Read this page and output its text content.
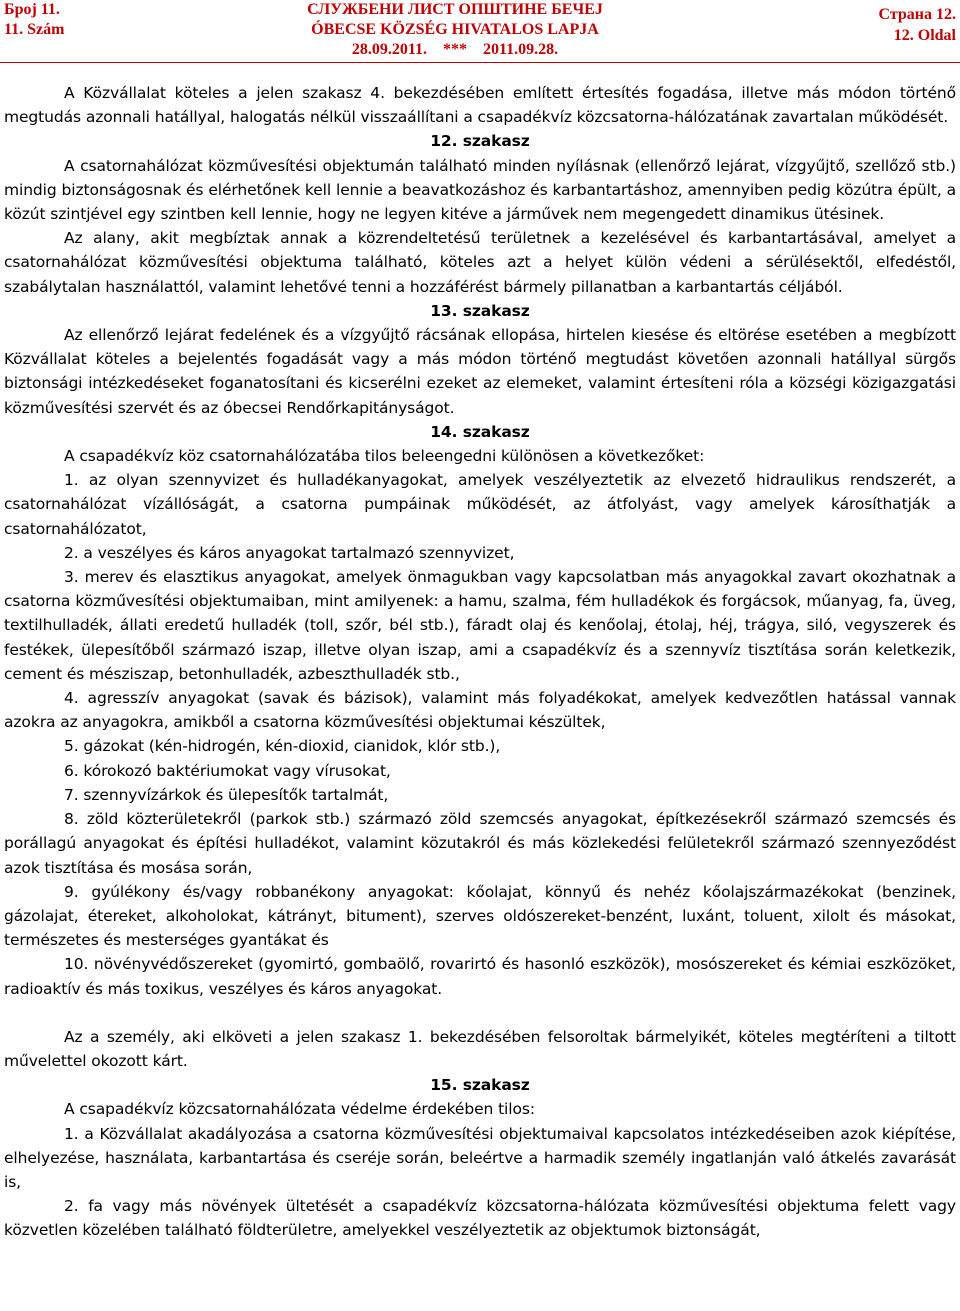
Број 11.
11. Szám
СЛУЖБЕНИ ЛИСТ ОПШТИНЕ БЕЧЕЈ
ÓBECSE KÖZSÉG HIVATALOS LAPJA
28.09.2011.    ***    2011.09.28.
Страна 12.
12. Oldal

A Közvállalat köteles a jelen szakasz 4. bekezdésében említett értesítés fogadása, illetve más módon történő megtudás azonnali hatállyal, halogatás nélkül visszaállítani a csapadékvíz közcsatorna-hálózatának zavartalan működését.

12. szakasz

A csatornahálózat közművesítési objektumán található minden nyílásnak (ellenőrző lejárat, vízgyűjtő, szellőző stb.) mindig biztonságosnak és elérhetőnek kell lennie a beavatkozáshoz és karbantartáshoz, amennyiben pedig közútra épült, a közút szintjével egy szintben kell lennie, hogy ne legyen kitéve a járművek nem megengedett dinamikus ütésinek.

Az alany, akit megbíztak annak a közrendeltetésű területnek a kezelésével és karbantartásával, amelyet a csatornahálózat közművesítési objektuma található, köteles azt a helyet külön védeni a sérülésektől, elfedéstől, szabálytalan használattól, valamint lehetővé tenni a hozzáférést bármely pillanatban a karbantartás céljából.

13. szakasz

Az ellenőrző lejárat fedelének és a vízgyűjtő rácsának ellopása, hirtelen kiesése és eltörése esetében a megbízott Közvállalat köteles a bejelentés fogadását vagy a más módon történő megtudást követően azonnali hatállyal sürgős biztonsági intézkedéseket foganatosítani és kicserélni ezeket az elemeket, valamint értesíteni róla a községi közigazgatási közművesítési szervét és az óbecsei Rendőrkapitányságot.

14. szakasz

A csapadékvíz köz csatornahálózatába tilos beleengedni különösen a következőket:

1. az olyan szennyvizet és hulladékanyagokat, amelyek veszélyeztetik az elvezető hidraulikus rendszerét, a csatornahálózat vízállóságát, a csatorna pumpáinak működését, az átfolyást, vagy amelyek károsíthatják a csatornahálózatot,

2. a veszélyes és káros anyagokat tartalmazó szennyvizet,

3. merev és elasztikus anyagokat, amelyek önmagukban vagy kapcsolatban más anyagokkal zavart okozhatnak a csatorna közművesítési objektumaiban, mint amilyenek: a hamu, szalma, fém hulladékok és forgácsok, műanyag, fa, üveg, textilhulladék, állati eredetű hulladék (toll, szőr, bél stb.), fáradt olaj és kenőolaj, étolaj, héj, trágya, siló, vegyszerek és festékek, ülepesítőből származó iszap, illetve olyan iszap, ami a csapadékvíz és a szennyvíz tisztítása során keletkezik, cement és mésziszap, betonhulladék, azbeszthulladék stb.,

4. agresszív anyagokat (savak és bázisok), valamint más folyadékokat, amelyek kedvezőtlen hatással vannak azokra az anyagokra, amikből a csatorna közművesítési objektumai készültek,

5. gázokat (kén-hidrogén, kén-dioxid, cianidok, klór stb.),

6. kórokozó baktériumokat vagy vírusokat,

7. szennyvízárkok és ülepesítők tartalmát,

8. zöld közterületekről (parkok stb.) származó zöld szemcsés anyagokat, építkezésekről származó szemcsés és porállagú anyagokat és építési hulladékot, valamint közutakról és más közlekedési felületekről származó szennyeződést azok tisztítása és mosása során,

9. gyúlékony és/vagy robbanékony anyagokat: kőolajat, könnyű és nehéz kőolajszármazékokat (benzinek, gázolajat, étereket, alkoholokat, kátrányt, bitument), szerves oldószereket-benzént, luxánt, toluent, xilolt és másokat, természetes és mesterséges gyantákat és

10. növényvédőszereket (gyomirtó, gombaölő, rovarirtó és hasonló eszközök), mosószereket és kémiai eszközöket, radioaktív és más toxikus, veszélyes és káros anyagokat.

Az a személy, aki elköveti a jelen szakasz 1. bekezdésében felsoroltak bármelyikét, köteles megtéríteni a tiltott művelettel okozott kárt.

15. szakasz

A csapadékvíz közcsatornahálózata védelme érdekében tilos:

1. a Közvállalat akadályozása a csatorna közművesítési objektumaival kapcsolatos intézkedéseiben azok kiépítése, elhelyezése, használata, karbantartása és cseréje során, beleértve a harmadik személy ingatlanján való átkelés zavarását is,

2. fa vagy más növények ültetését a csapadékvíz közcsatorna-hálózata közművesítési objektuma felett vagy közvetlen közelében található földterületre, amelyekkel veszélyeztetik az objektumok biztonságát,
